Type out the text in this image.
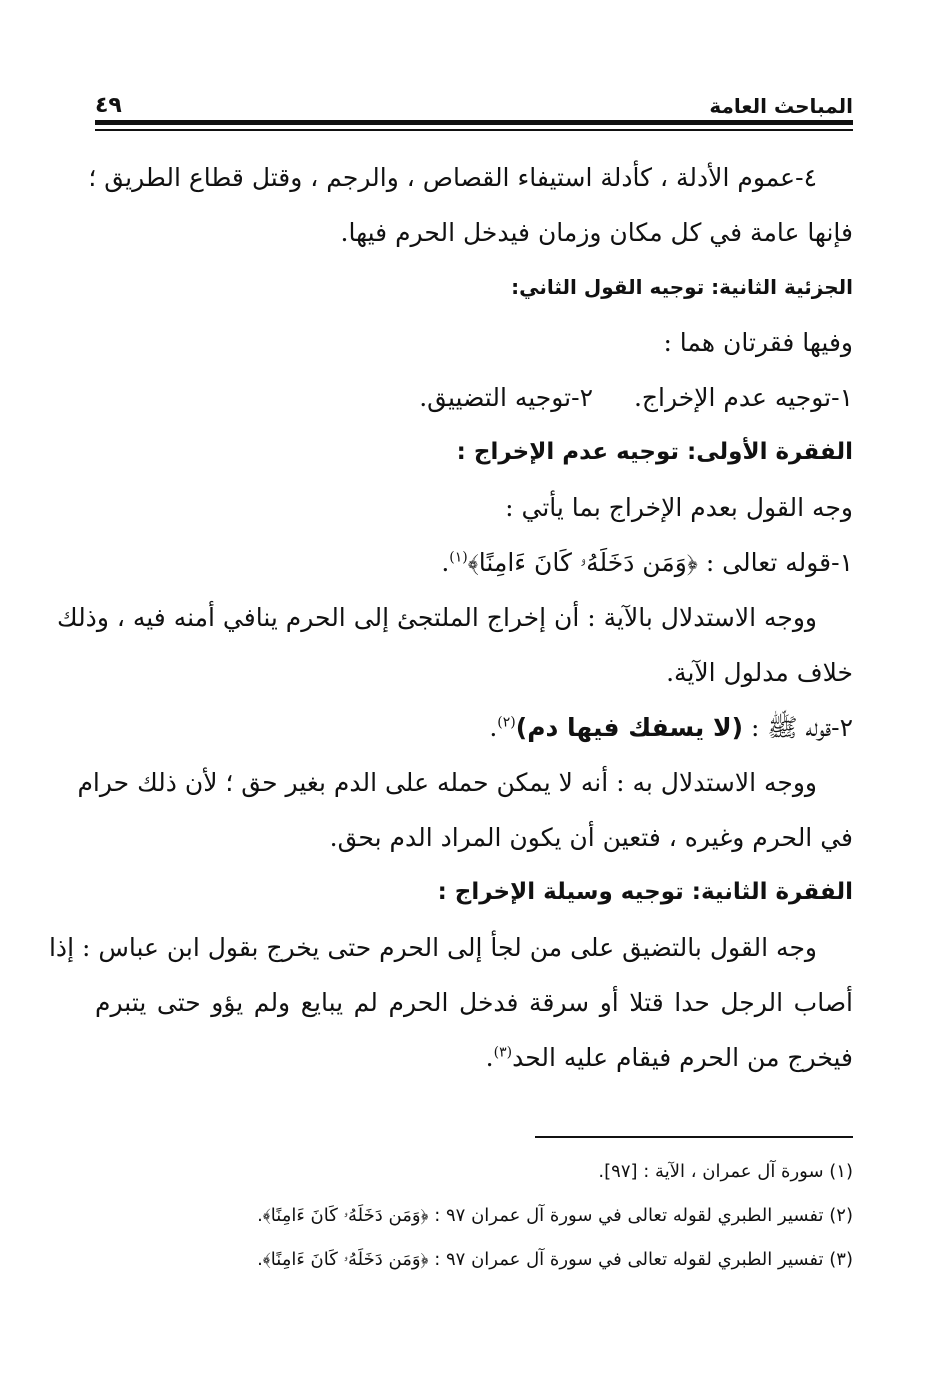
المباحث العامة
٤٩
٤-عموم الأدلة ، كأدلة استيفاء القصاص ، والرجم ، وقتل قطاع الطريق ؛
فإنها عامة في كل مكان وزمان فيدخل الحرم فيها.
الجزئية الثانية: توجيه القول الثاني:
وفيها فقرتان هما :
١-توجيه عدم الإخراج.
٢-توجيه التضييق.
الفقرة الأولى: توجيه عدم الإخراج :
وجه القول بعدم الإخراج بما يأتي :
١-قوله تعالى : ﴿وَمَن دَخَلَهُۥ كَانَ ءَامِنًا﴾$^{(١)}$.
ووجه الاستدلال بالآية : أن إخراج الملتجئ إلى الحرم ينافي أمنه فيه ، وذلك
خلاف مدلول الآية.
٢-قوله ﷺ : (لا يسفك فيها دم)$^{(٢)}$.
ووجه الاستدلال به : أنه لا يمكن حمله على الدم بغير حق ؛ لأن ذلك حرام
في الحرم وغيره ، فتعين أن يكون المراد الدم بحق.
الفقرة الثانية: توجيه وسيلة الإخراج :
وجه القول بالتضيق على من لجأ إلى الحرم حتى يخرج بقول ابن عباس : إذا
أصاب الرجل حدا قتلا أو سرقة فدخل الحرم لم يبايع ولم يؤو حتى يتبرم
فيخرج من الحرم فيقام عليه الحد$^{(٣)}$.
(١) سورة آل عمران ، الآية : [٩٧].
(٢) تفسير الطبري لقوله تعالى في سورة آل عمران ٩٧ : ﴿وَمَن دَخَلَهُۥ كَانَ ءَامِنًا﴾.
(٣) تفسير الطبري لقوله تعالى في سورة آل عمران ٩٧ : ﴿وَمَن دَخَلَهُۥ كَانَ ءَامِنًا﴾.
